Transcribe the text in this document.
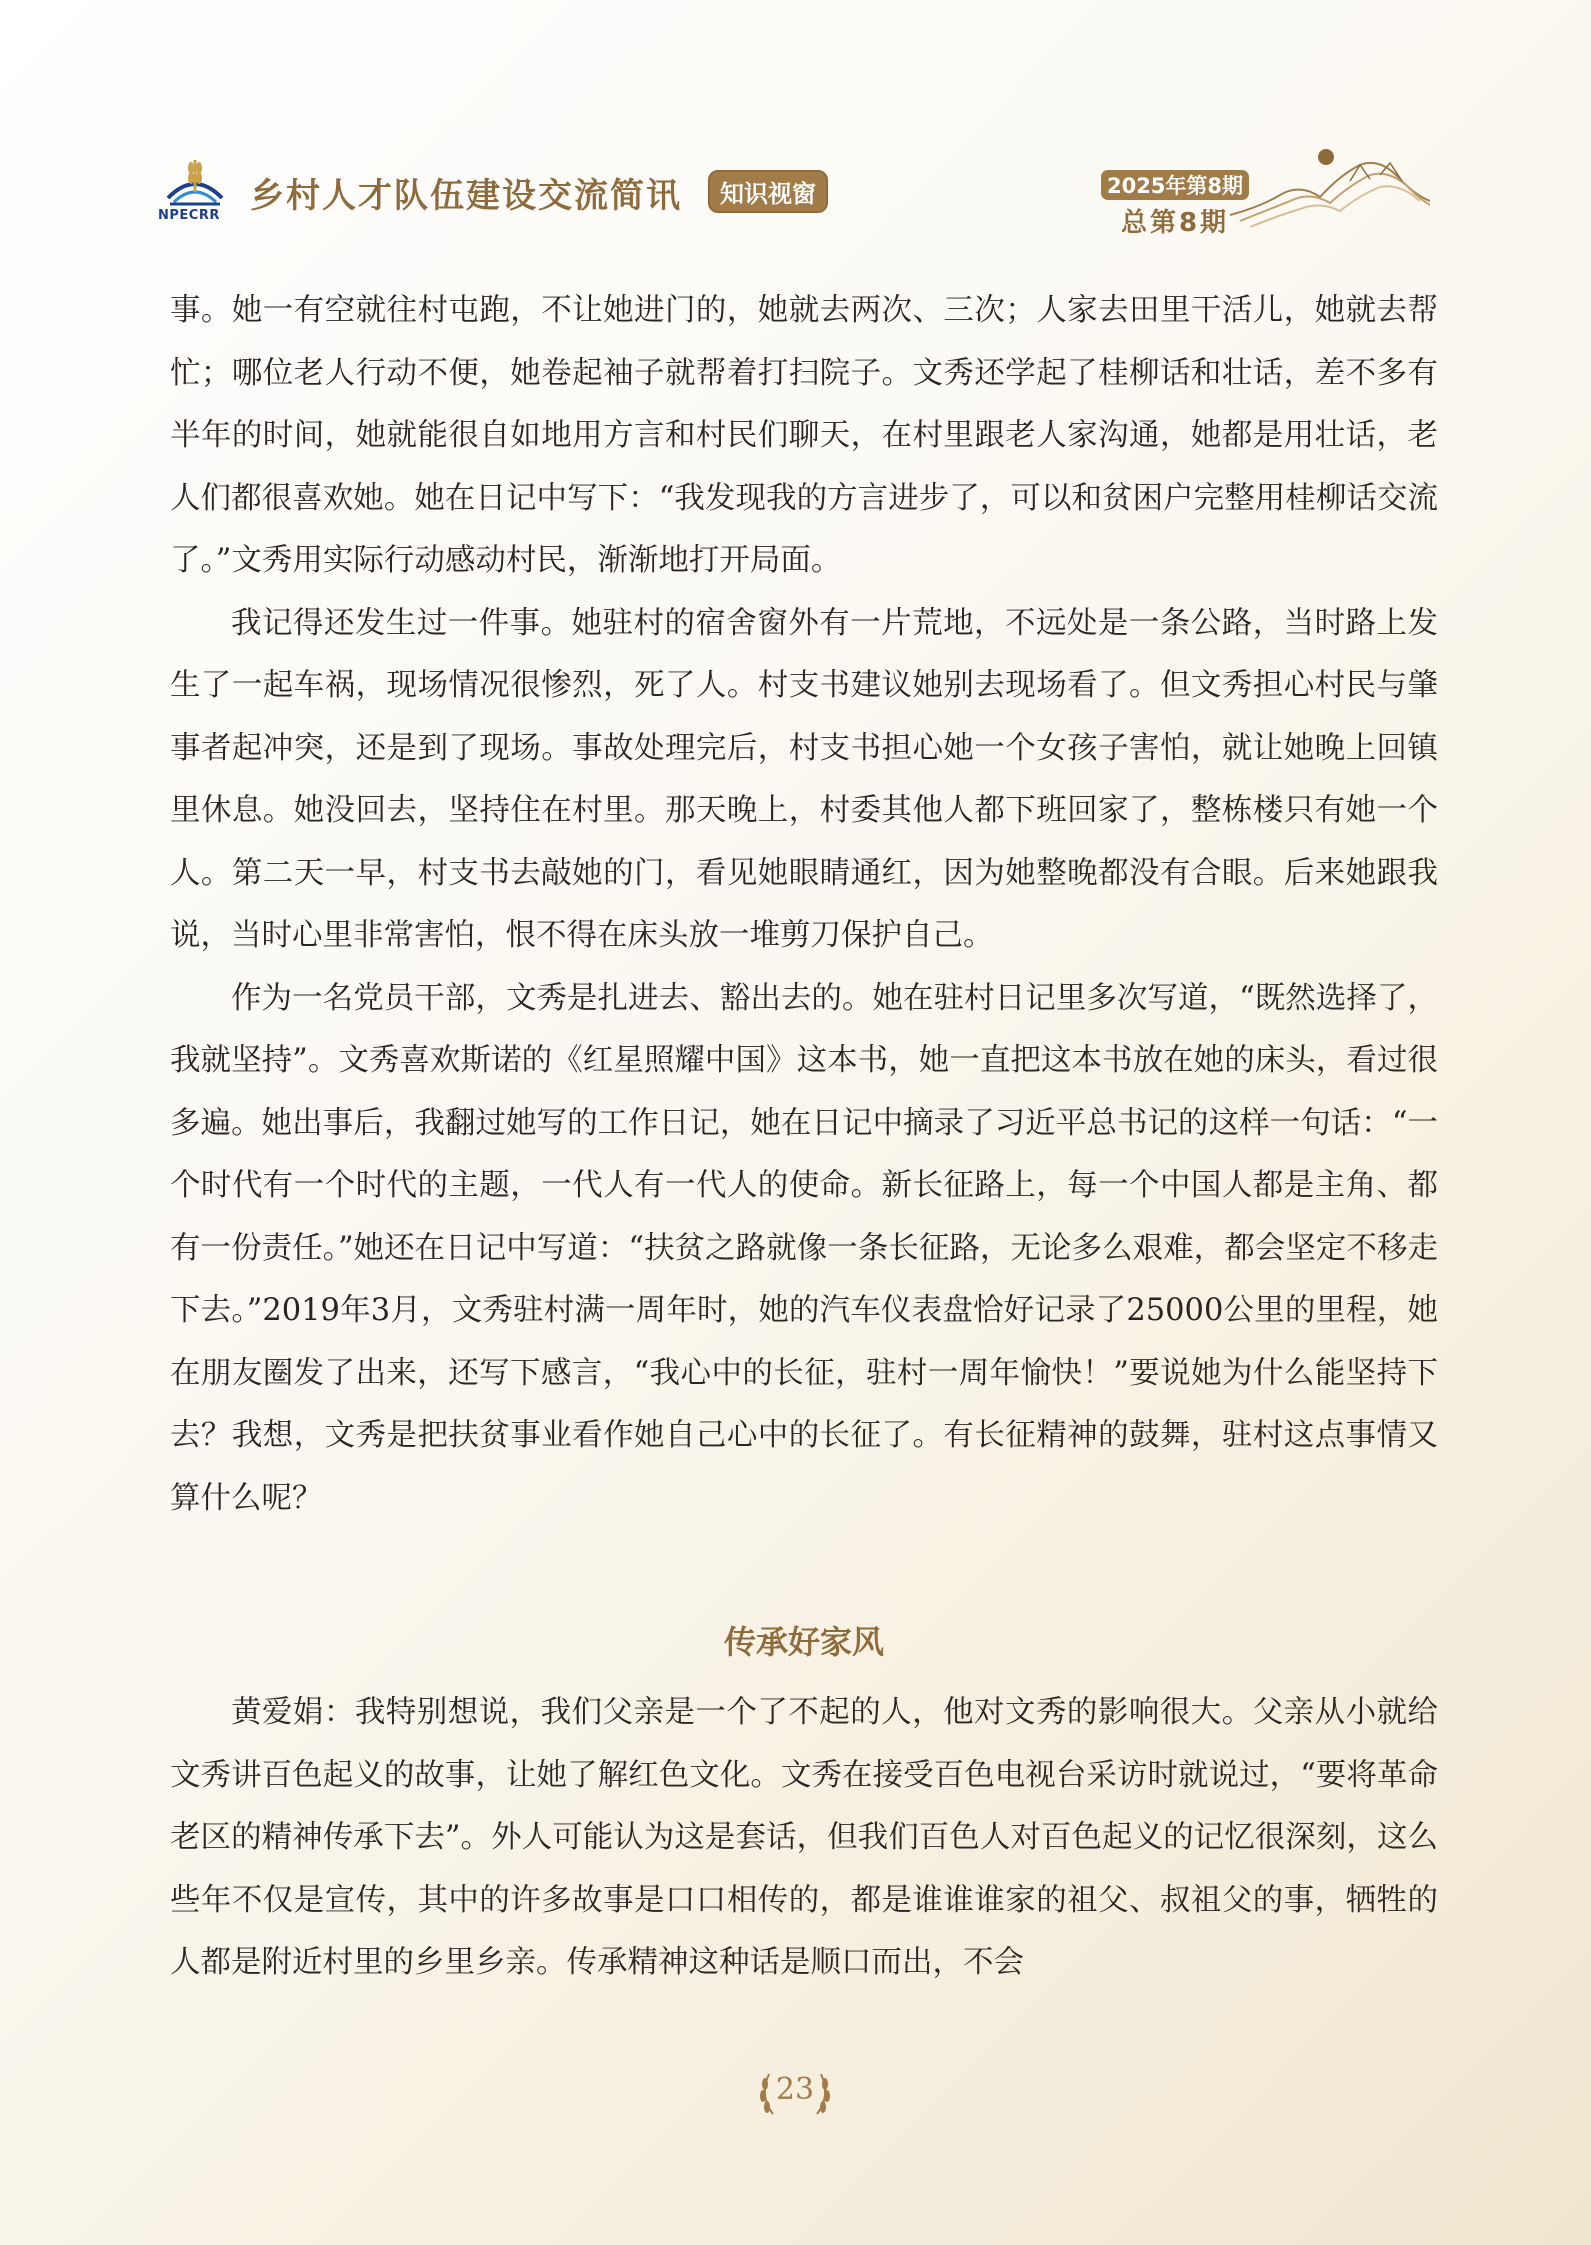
NPECRR 乡村人才队伍建设交流简讯	知识视窗	2025年第8期
总第8期

事。她一有空就往村屯跑，不让她进门的，她就去两次、三次；人家去田里干活儿，她就去帮忙；哪位老人行动不便，她卷起袖子就帮着打扫院子。文秀还学起了桂柳话和壮话，差不多有半年的时间，她就能很自如地用方言和村民们聊天，在村里跟老人家沟通，她都是用壮话，老人们都很喜欢她。她在日记中写下：“我发现我的方言进步了，可以和贫困户完整用桂柳话交流了。”文秀用实际行动感动村民，渐渐地打开局面。

我记得还发生过一件事。她驻村的宿舍窗外有一片荒地，不远处是一条公路，当时路上发生了一起车祸，现场情况很惨烈，死了人。村支书建议她别去现场看了。但文秀担心村民与肇事者起冲突，还是到了现场。事故处理完后，村支书担心她一个女孩子害怕，就让她晚上回镇里休息。她没回去，坚持住在村里。那天晚上，村委其他人都下班回家了，整栋楼只有她一个人。第二天一早，村支书去敲她的门，看见她眼睛通红，因为她整晚都没有合眼。后来她跟我说，当时心里非常害怕，恨不得在床头放一堆剪刀保护自己。

作为一名党员干部，文秀是扎进去、豁出去的。她在驻村日记里多次写道，“既然选择了，我就坚持”。文秀喜欢斯诺的《红星照耀中国》这本书，她一直把这本书放在她的床头，看过很多遍。她出事后，我翻过她写的工作日记，她在日记中摘录了习近平总书记的这样一句话：“一个时代有一个时代的主题，一代人有一代人的使命。新长征路上，每一个中国人都是主角、都有一份责任。”她还在日记中写道：“扶贫之路就像一条长征路，无论多么艰难，都会坚定不移走下去。”2019年3月，文秀驻村满一周年时，她的汽车仪表盘恰好记录了25000公里的里程，她在朋友圈发了出来，还写下感言，“我心中的长征，驻村一周年愉快！”要说她为什么能坚持下去？我想，文秀是把扶贫事业看作她自己心中的长征了。有长征精神的鼓舞，驻村这点事情又算什么呢？

传承好家风

黄爱娟：我特别想说，我们父亲是一个了不起的人，他对文秀的影响很大。父亲从小就给文秀讲百色起义的故事，让她了解红色文化。文秀在接受百色电视台采访时就说过，“要将革命老区的精神传承下去”。外人可能认为这是套话，但我们百色人对百色起义的记忆很深刻，这么些年不仅是宣传，其中的许多故事是口口相传的，都是谁谁谁家的祖父、叔祖父的事，牺牲的人都是附近村里的乡里乡亲。传承精神这种话是顺口而出，不会

23
